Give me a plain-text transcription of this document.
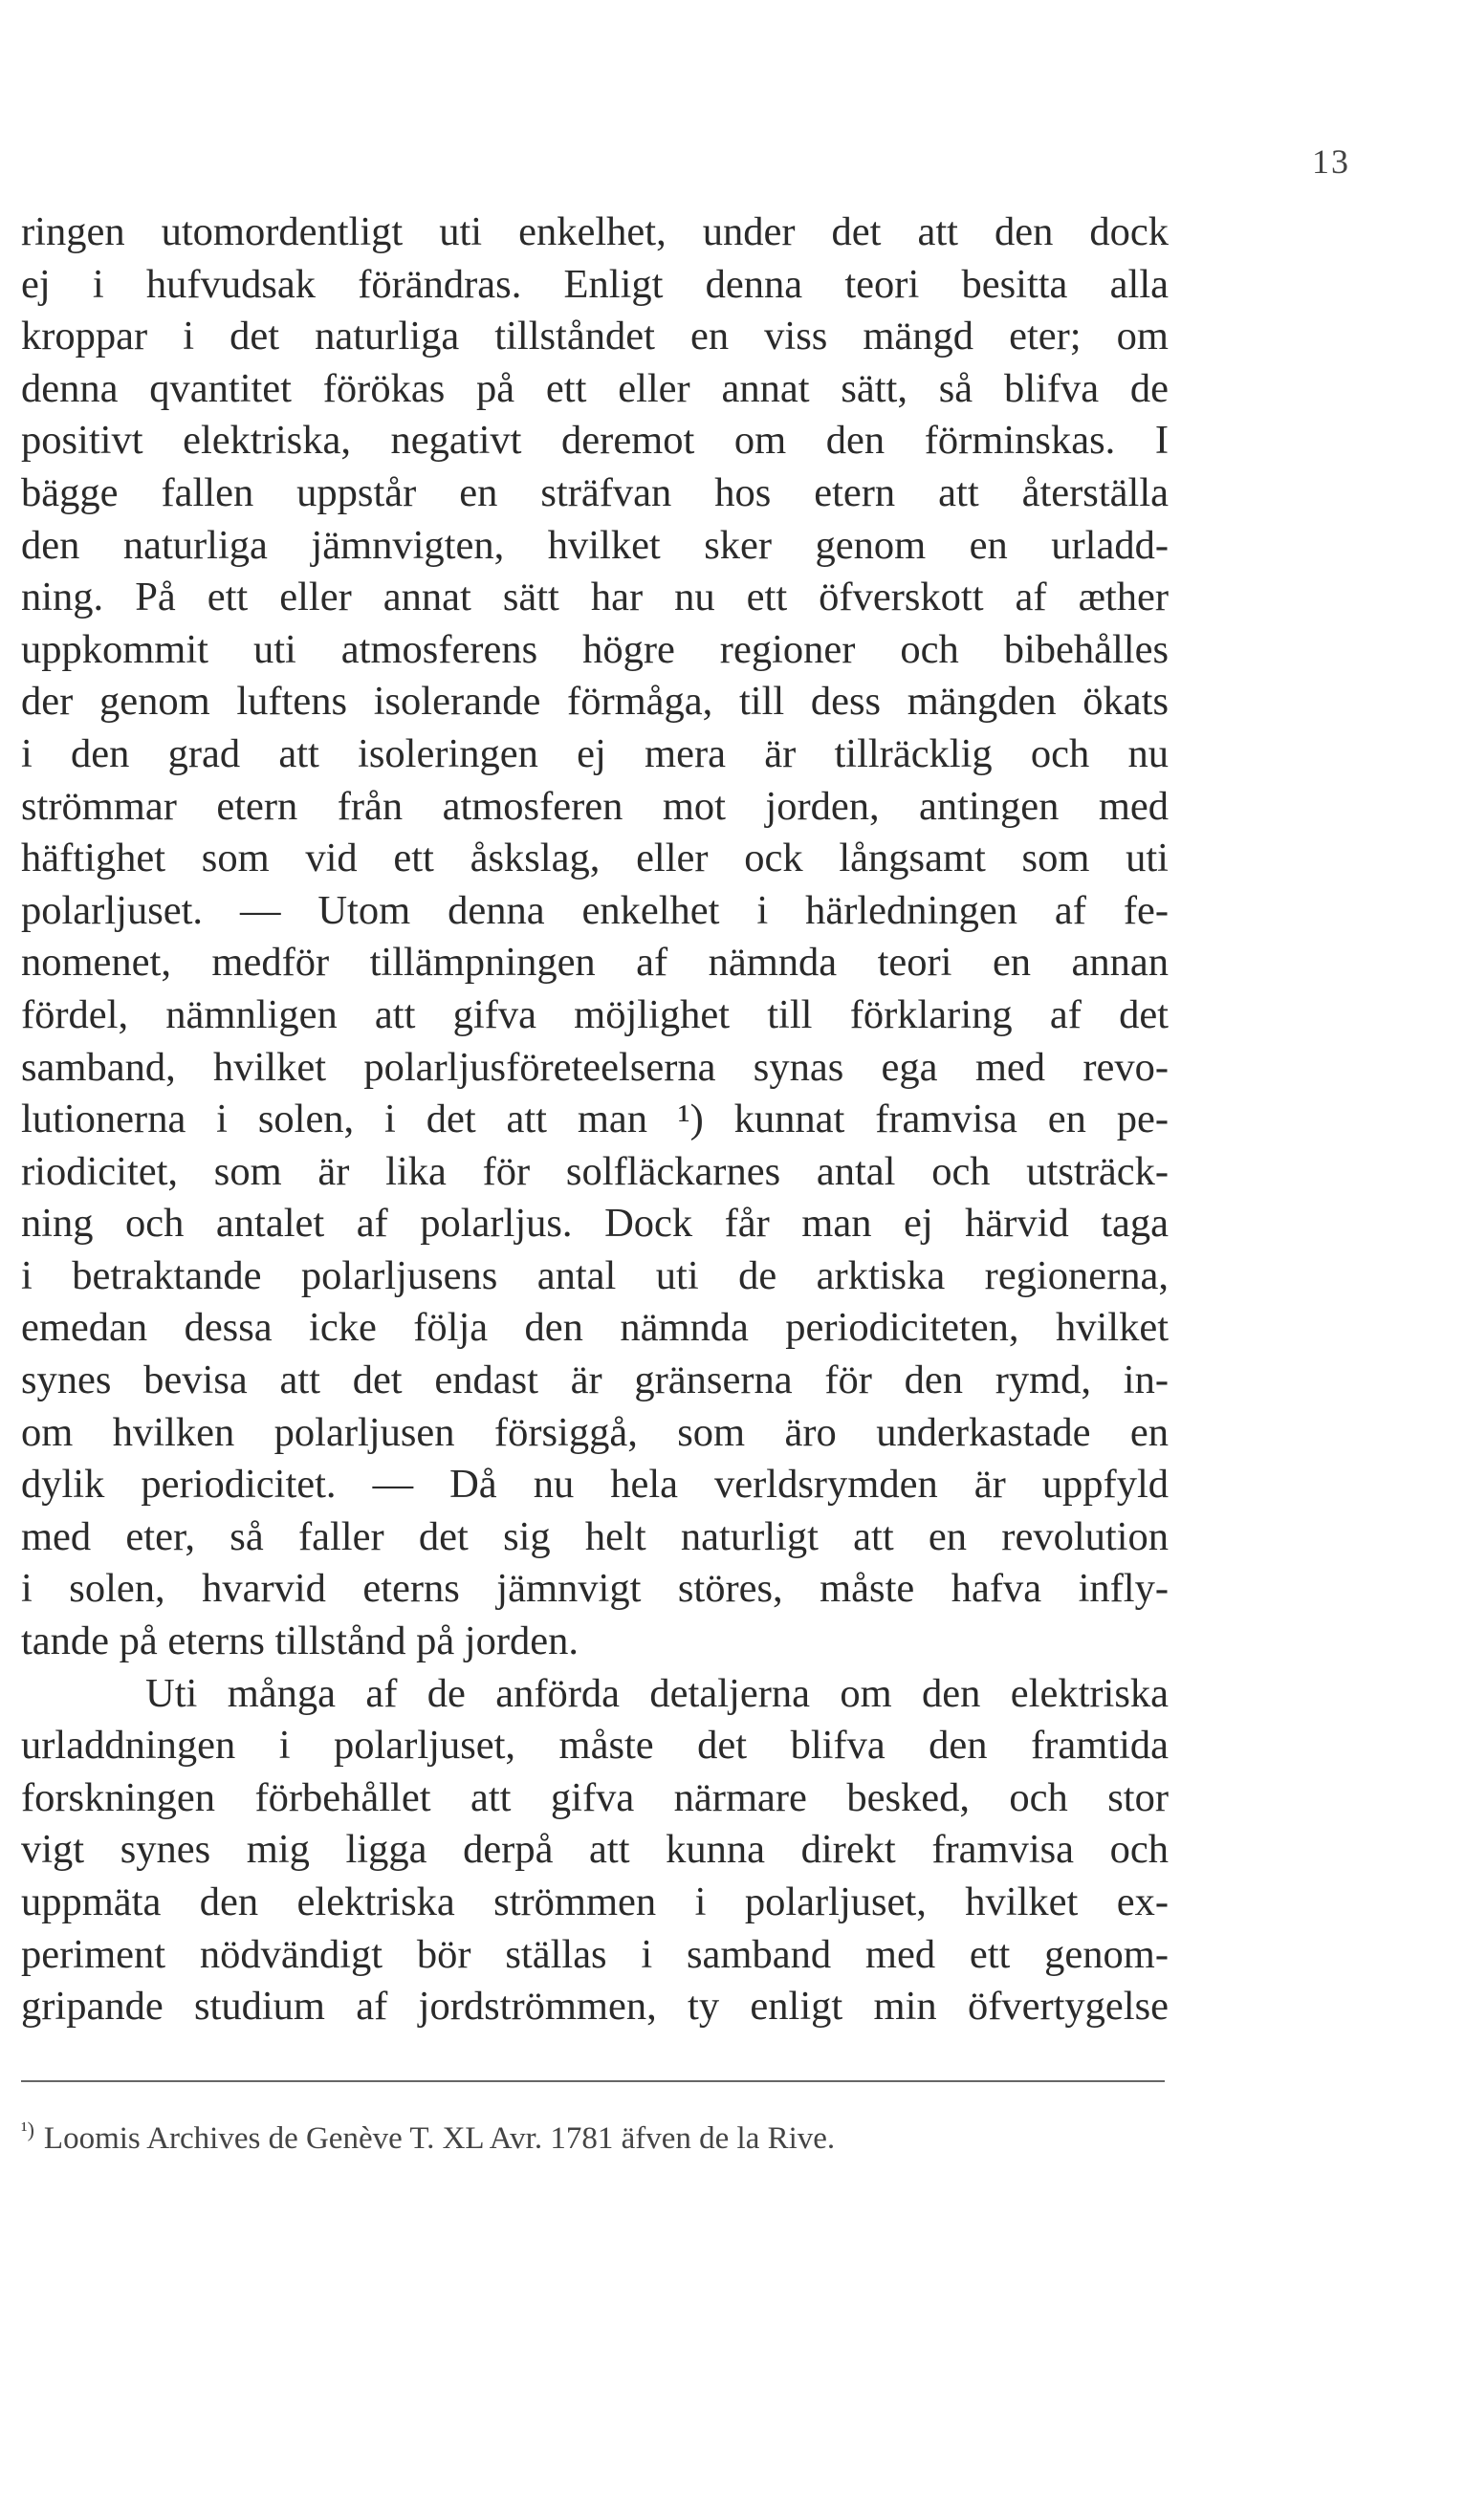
13
ringen utomordentligt uti enkelhet, under det att den dock
ej i hufvudsak förändras. Enligt denna teori besitta alla
kroppar i det naturliga tillståndet en viss mängd eter; om
denna qvantitet förökas på ett eller annat sätt, så blifva de
positivt elektriska, negativt deremot om den förminskas. I
bägge fallen uppstår en sträfvan hos etern att återställa
den naturliga jämnvigten, hvilket sker genom en urladd-
ning. På ett eller annat sätt har nu ett öfverskott af æther
uppkommit uti atmosferens högre regioner och bibehålles
der genom luftens isolerande förmåga, till dess mängden ökats
i den grad att isoleringen ej mera är tillräcklig och nu
strömmar etern från atmosferen mot jorden, antingen med
häftighet som vid ett åskslag, eller ock långsamt som uti
polarljuset. — Utom denna enkelhet i härledningen af fe-
nomenet, medför tillämpningen af nämnda teori en annan
fördel, nämnligen att gifva möjlighet till förklaring af det
samband, hvilket polarljusföreteelserna synas ega med revo-
lutionerna i solen, i det att man ¹) kunnat framvisa en pe-
riodicitet, som är lika för solfläckarnes antal och utsträck-
ning och antalet af polarljus. Dock får man ej härvid taga
i betraktande polarljusens antal uti de arktiska regionerna,
emedan dessa icke följa den nämnda periodiciteten, hvilket
synes bevisa att det endast är gränserna för den rymd, in-
om hvilken polarljusen försiggå, som äro underkastade en
dylik periodicitet. — Då nu hela verldsrymden är uppfyld
med eter, så faller det sig helt naturligt att en revolution
i solen, hvarvid eterns jämnvigt störes, måste hafva infly-
tande på eterns tillstånd på jorden.
Uti många af de anförda detaljerna om den elektriska
urladdningen i polarljuset, måste det blifva den framtida
forskningen förbehållet att gifva närmare besked, och stor
vigt synes mig ligga derpå att kunna direkt framvisa och
uppmäta den elektriska strömmen i polarljuset, hvilket ex-
periment nödvändigt bör ställas i samband med ett genom-
gripande studium af jordströmmen, ty enligt min öfvertygelse
$^{^1)}$ Loomis Archives de Genève T. XL Avr. 1781 äfven de la Rive.
